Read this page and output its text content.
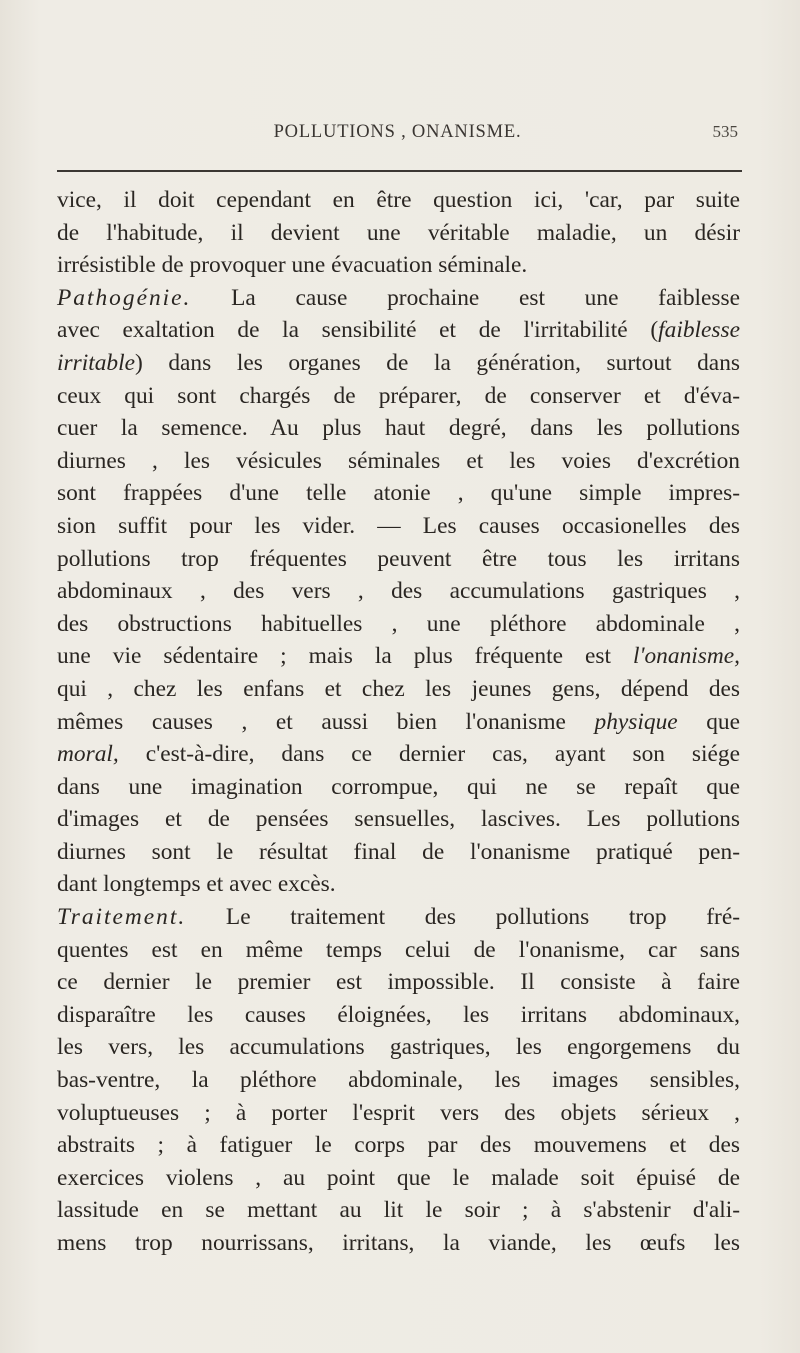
POLLUTIONS , ONANISME.	535
vice, il doit cependant en être question ici, 'car, par suite
de l'habitude, il devient une véritable maladie, un désir
irrésistible de provoquer une évacuation séminale.
Pathogénie. La cause prochaine est une faiblesse
avec exaltation de la sensibilité et de l'irritabilité (faiblesse
irritable) dans les organes de la génération, surtout dans
ceux qui sont chargés de préparer, de conserver et d'éva-
cuer la semence. Au plus haut degré, dans les pollutions
diurnes , les vésicules séminales et les voies d'excrétion
sont frappées d'une telle atonie , qu'une simple impres-
sion suffit pour les vider. — Les causes occasionelles des
pollutions trop fréquentes peuvent être tous les irritans
abdominaux , des vers , des accumulations gastriques ,
des obstructions habituelles , une pléthore abdominale ,
une vie sédentaire ; mais la plus fréquente est l'onanisme,
qui , chez les enfans et chez les jeunes gens, dépend des
mêmes causes , et aussi bien l'onanisme physique que
moral, c'est-à-dire, dans ce dernier cas, ayant son siége
dans une imagination corrompue, qui ne se repaît que
d'images et de pensées sensuelles, lascives. Les pollutions
diurnes sont le résultat final de l'onanisme pratiqué pen-
dant longtemps et avec excès.
Traitement. Le traitement des pollutions trop fré-
quentes est en même temps celui de l'onanisme, car sans
ce dernier le premier est impossible. Il consiste à faire
disparaître les causes éloignées, les irritans abdominaux,
les vers, les accumulations gastriques, les engorgemens du
bas-ventre, la pléthore abdominale, les images sensibles,
voluptueuses ; à porter l'esprit vers des objets sérieux ,
abstraits ; à fatiguer le corps par des mouvemens et des
exercices violens , au point que le malade soit épuisé de
lassitude en se mettant au lit le soir ; à s'abstenir d'ali-
mens trop nourrissans, irritans, la viande, les œufs les
